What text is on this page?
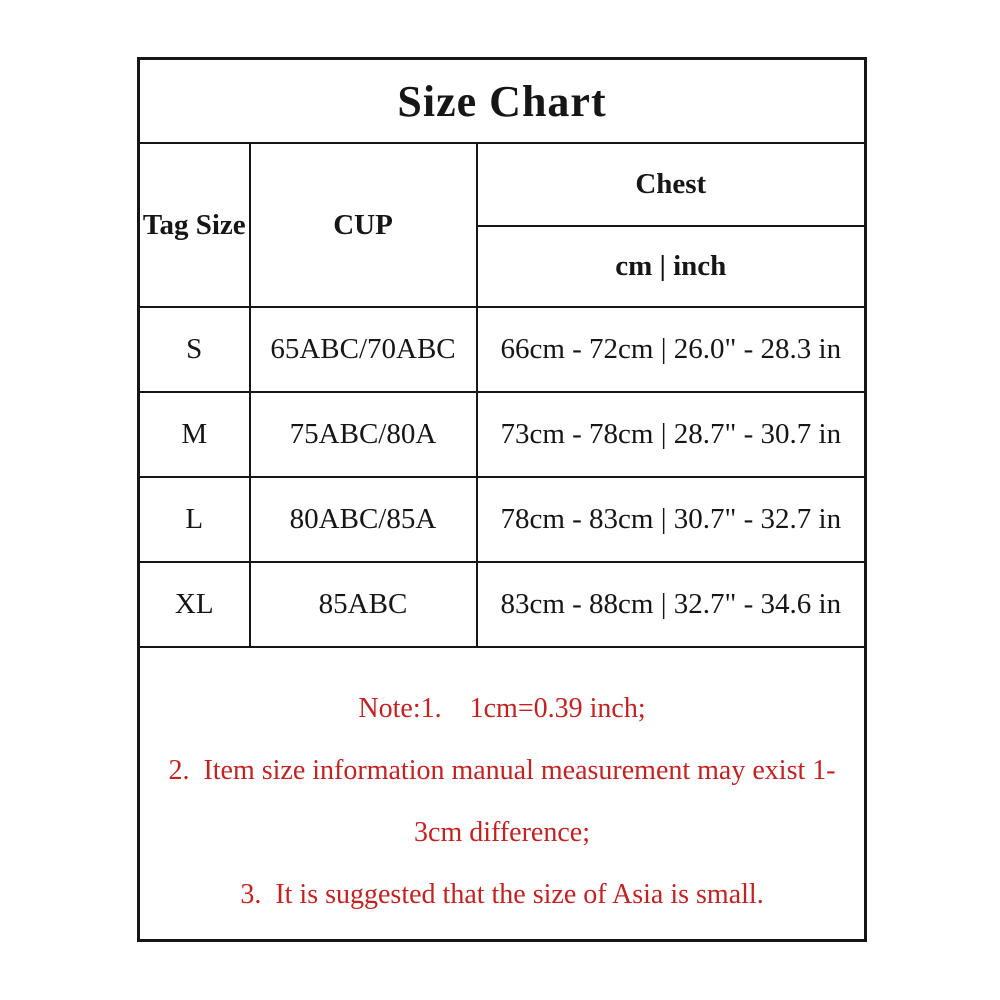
Size Chart		
Tag Size	CUP	Chest
		cm | inch
S	65ABC/70ABC	66cm - 72cm | 26.0" - 28.3 in
M	75ABC/80A	73cm - 78cm | 28.7" - 30.7 in
L	80ABC/85A	78cm - 83cm | 30.7" - 32.7 in
XL	85ABC	83cm - 88cm | 32.7" - 34.6 in

Note:1.    1cm=0.39 inch;

2.  Item size information manual measurement may exist 1-3cm difference;

3.  It is suggested that the size of Asia is small.		
